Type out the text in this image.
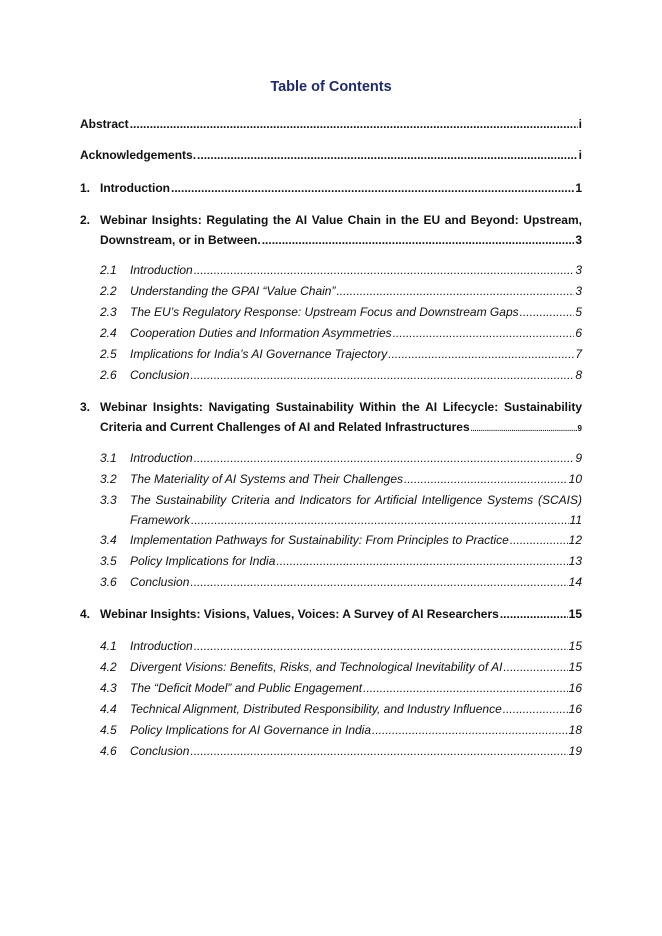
Table of Contents
Abstract .....	i
Acknowledgements. .....	i
1. Introduction .....	1
2. Webinar Insights: Regulating the AI Value Chain in the EU and Beyond: Upstream,
Downstream, or in Between. .....	3
2.1	Introduction .....	3
2.2	Understanding the GPAI “Value Chain” .....	3
2.3	The EU’s Regulatory Response: Upstream Focus and Downstream Gaps .....	5
2.4	Cooperation Duties and Information Asymmetries .....	6
2.5	Implications for India’s AI Governance Trajectory .....	7
2.6	Conclusion .....	8
3. Webinar Insights: Navigating Sustainability Within the AI Lifecycle: Sustainability
Criteria and Current Challenges of AI and Related Infrastructures .....	9
3.1	Introduction .....	9
3.2	The Materiality of AI Systems and Their Challenges .....	10
3.3	The Sustainability Criteria and Indicators for Artificial Intelligence Systems (SCAIS)
Framework .....	11
3.4	Implementation Pathways for Sustainability: From Principles to Practice .....	12
3.5	Policy Implications for India .....	13
3.6	Conclusion .....	14
4. Webinar Insights: Visions, Values, Voices: A Survey of AI Researchers .....	15
4.1	Introduction .....	15
4.2	Divergent Visions: Benefits, Risks, and Technological Inevitability of AI .....	15
4.3	The “Deficit Model” and Public Engagement .....	16
4.4	Technical Alignment, Distributed Responsibility, and Industry Influence .....	16
4.5	Policy Implications for AI Governance in India .....	18
4.6	Conclusion .....	19
